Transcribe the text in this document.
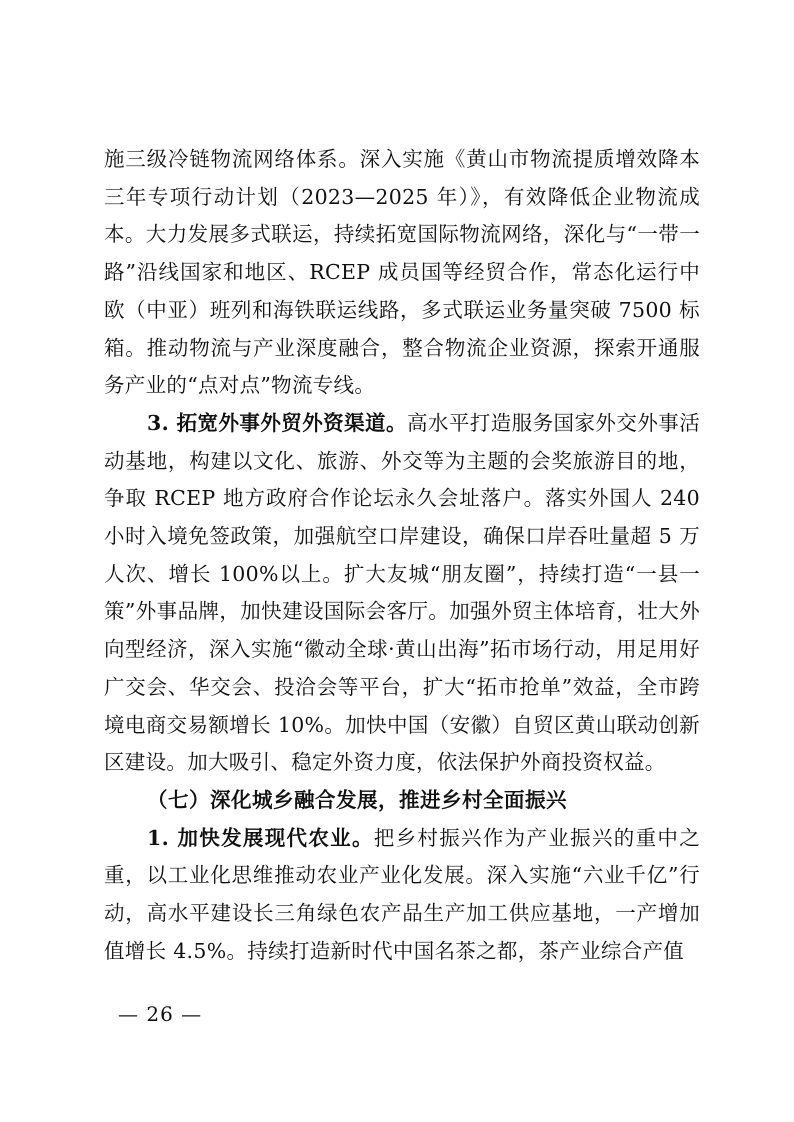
施三级冷链物流网络体系。深入实施《黄山市物流提质增效降本三年专项行动计划（2023—2025 年）》，有效降低企业物流成本。大力发展多式联运，持续拓宽国际物流网络，深化与“一带一路”沿线国家和地区、RCEP 成员国等经贸合作，常态化运行中欧（中亚）班列和海铁联运线路，多式联运业务量突破 7500 标箱。推动物流与产业深度融合，整合物流企业资源，探索开通服务产业的“点对点”物流专线。

3. 拓宽外事外贸外资渠道。高水平打造服务国家外交外事活动基地，构建以文化、旅游、外交等为主题的会奖旅游目的地，争取 RCEP 地方政府合作论坛永久会址落户。落实外国人 240 小时入境免签政策，加强航空口岸建设，确保口岸吞吐量超 5 万人次、增长 100%以上。扩大友城“朋友圈”，持续打造“一县一策”外事品牌，加快建设国际会客厅。加强外贸主体培育，壮大外向型经济，深入实施“徽动全球·黄山出海”拓市场行动，用足用好广交会、华交会、投洽会等平台，扩大“拓市抢单”效益，全市跨境电商交易额增长 10%。加快中国（安徽）自贸区黄山联动创新区建设。加大吸引、稳定外资力度，依法保护外商投资权益。

（七）深化城乡融合发展，推进乡村全面振兴

1. 加快发展现代农业。把乡村振兴作为产业振兴的重中之重，以工业化思维推动农业产业化发展。深入实施“六业千亿”行动，高水平建设长三角绿色农产品生产加工供应基地，一产增加值增长 4.5%。持续打造新时代中国名茶之都，茶产业综合产值

— 26 —
